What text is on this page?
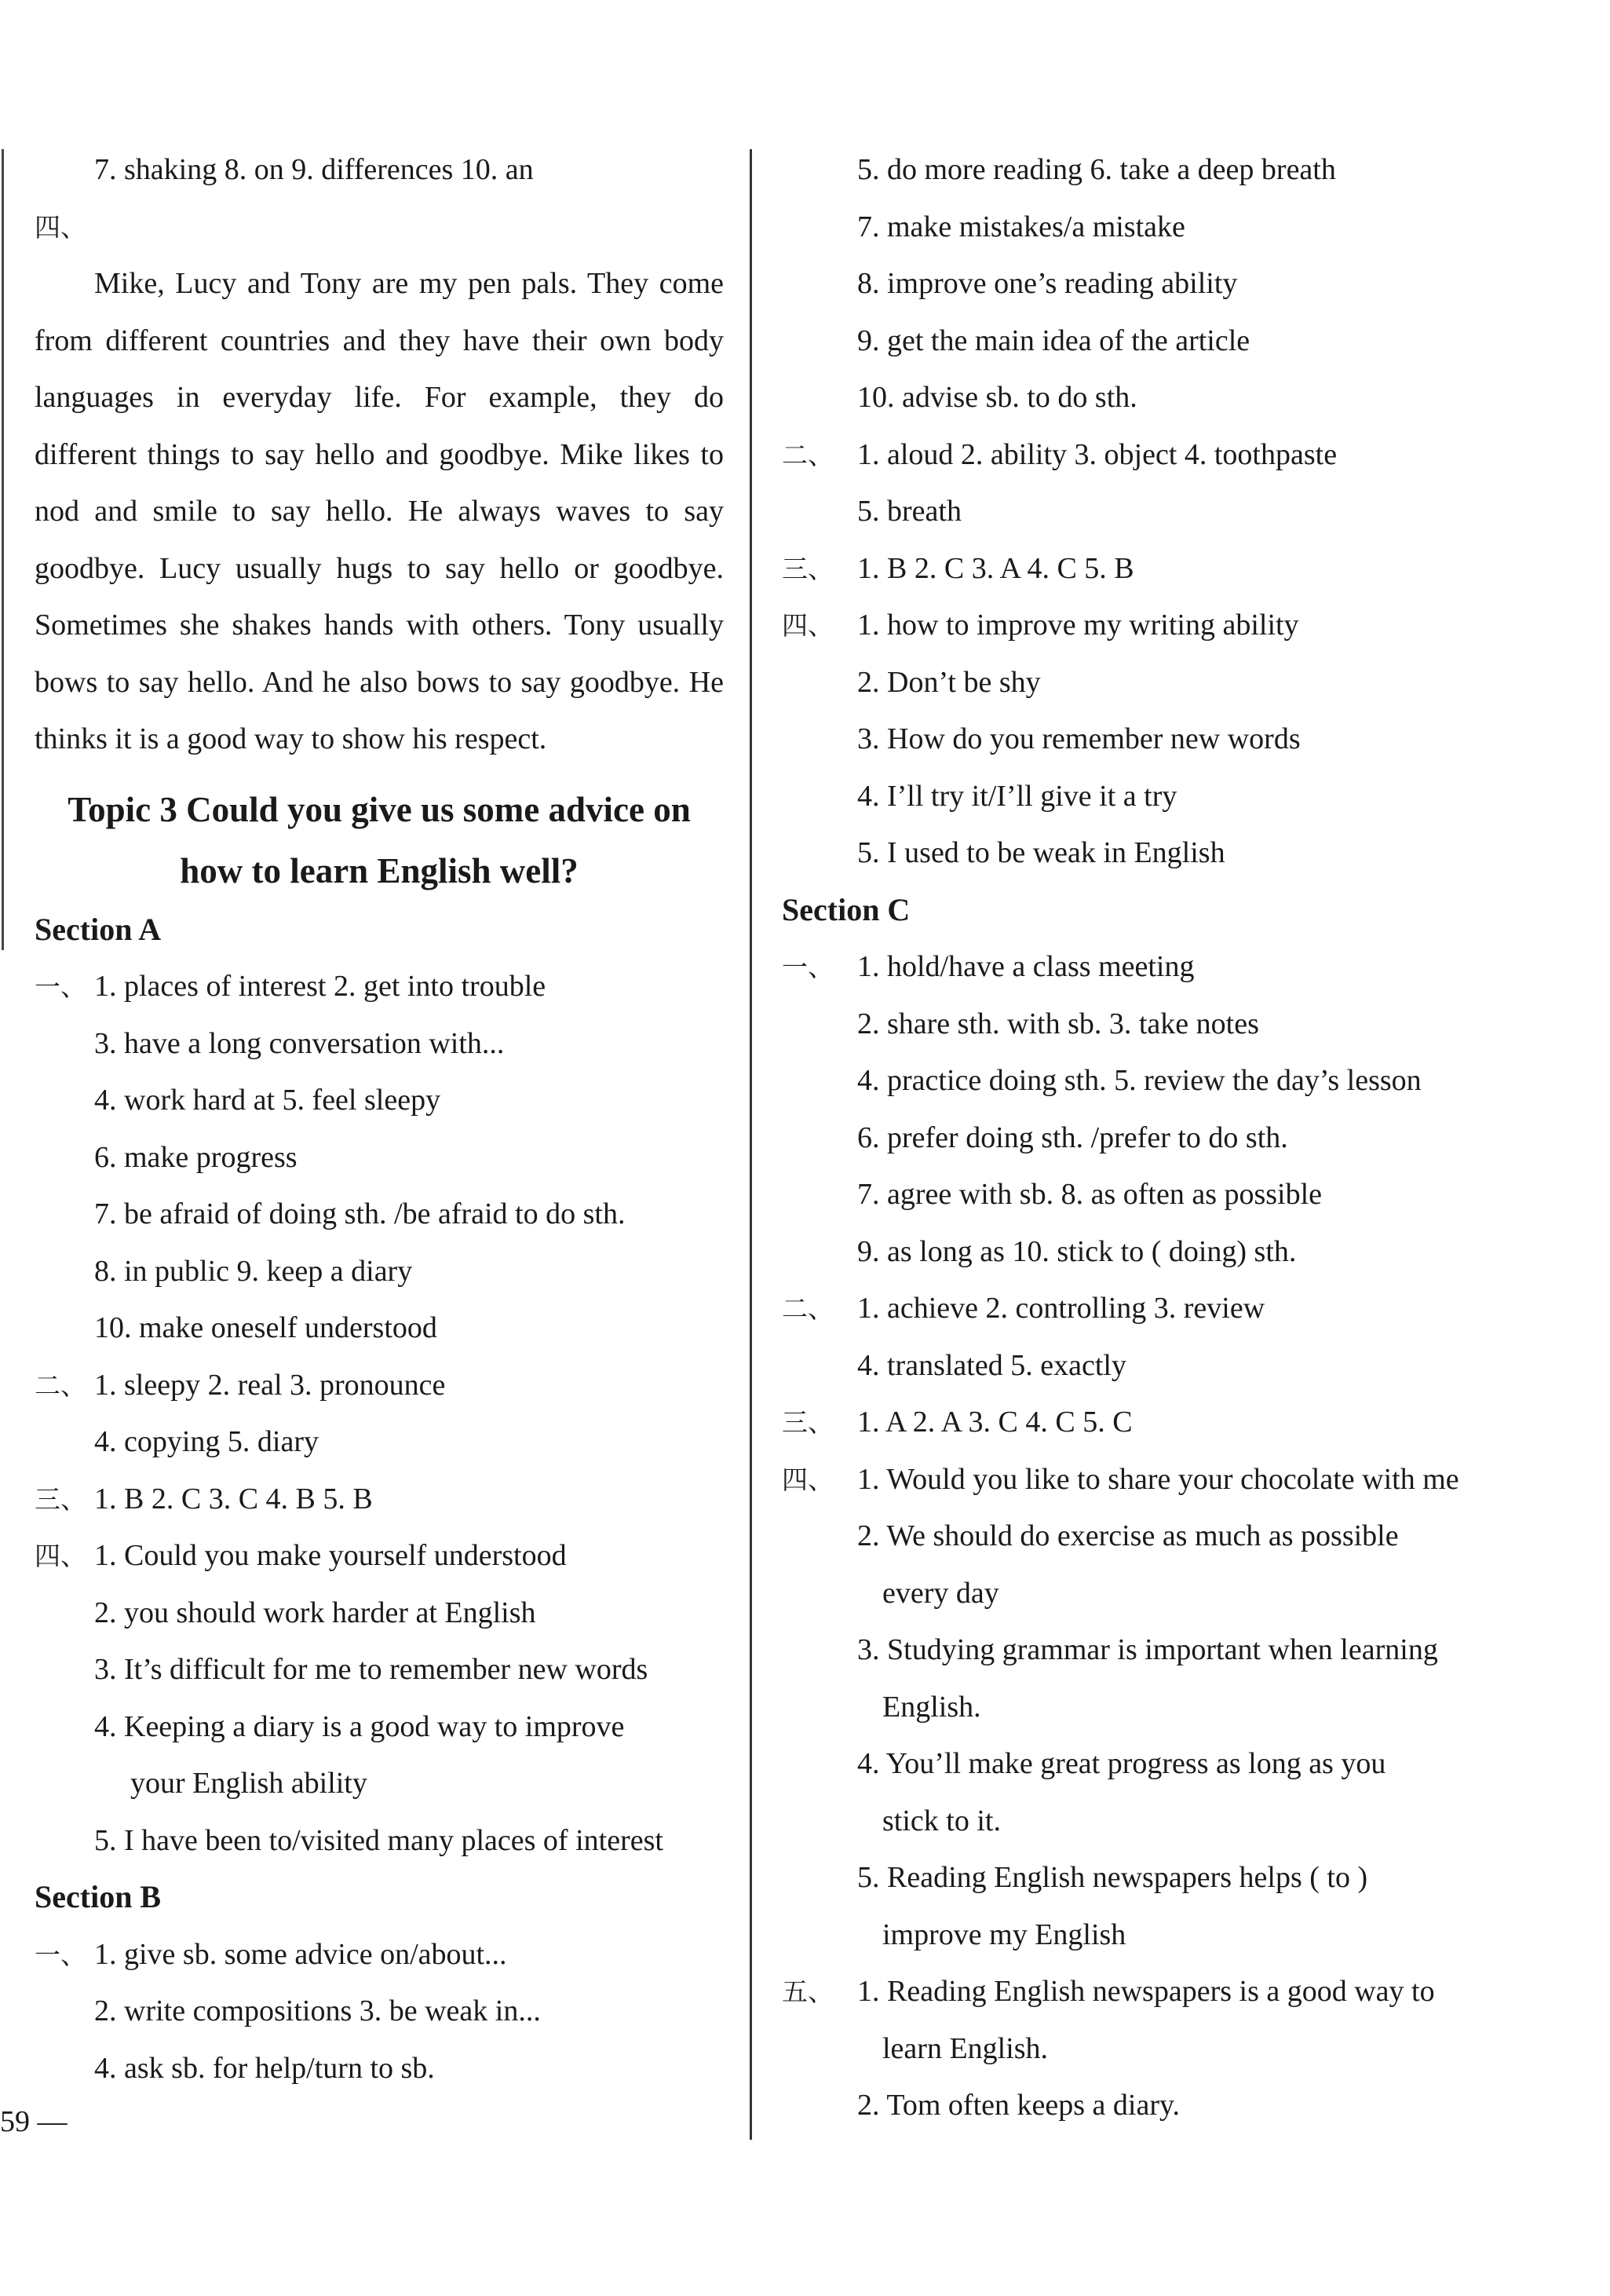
7. shaking 8. on 9. differences 10. an
四、

Mike, Lucy and Tony are my pen pals. They come from different countries and they have their own body languages in everyday life. For example, they do different things to say hello and goodbye. Mike likes to nod and smile to say hello. He always waves to say goodbye. Lucy usually hugs to say hello or goodbye. Sometimes she shakes hands with others. Tony usually bows to say hello. And he also bows to say goodbye. He thinks it is a good way to show his respect.

Topic 3 Could you give us some advice on
how to learn English well?
Section A
一、 1. places of interest 2. get into trouble
3. have a long conversation with...
4. work hard at 5. feel sleepy
6. make progress
7. be afraid of doing sth. /be afraid to do sth.
8. in public 9. keep a diary
10. make oneself understood
二、 1. sleepy 2. real 3. pronounce
4. copying 5. diary
三、 1. B 2. C 3. C 4. B 5. B
四、 1. Could you make yourself understood
2. you should work harder at English
3. It’s difficult for me to remember new words
4. Keeping a diary is a good way to improve
your English ability
5. I have been to/visited many places of interest
Section B
一、 1. give sb. some advice on/about...
2. write compositions 3. be weak in...
4. ask sb. for help/turn to sb.
5. do more reading 6. take a deep breath
7. make mistakes/a mistake
8. improve one’s reading ability
9. get the main idea of the article
10. advise sb. to do sth.
二、 1. aloud 2. ability 3. object 4. toothpaste
5. breath
三、 1. B 2. C 3. A 4. C 5. B
四、 1. how to improve my writing ability
2. Don’t be shy
3. How do you remember new words
4. I’ll try it/I’ll give it a try
5. I used to be weak in English
Section C
一、 1. hold/have a class meeting
2. share sth. with sb. 3. take notes
4. practice doing sth. 5. review the day’s lesson
6. prefer doing sth. /prefer to do sth.
7. agree with sb. 8. as often as possible
9. as long as 10. stick to ( doing) sth.
二、 1. achieve 2. controlling 3. review
4. translated 5. exactly
三、 1. A 2. A 3. C 4. C 5. C
四、 1. Would you like to share your chocolate with me
2. We should do exercise as much as possible
every day
3. Studying grammar is important when learning
English.
4. You’ll make great progress as long as you
stick to it.
5. Reading English newspapers helps ( to )
improve my English
五、 1. Reading English newspapers is a good way to
learn English.
2. Tom often keeps a diary.
59 —
